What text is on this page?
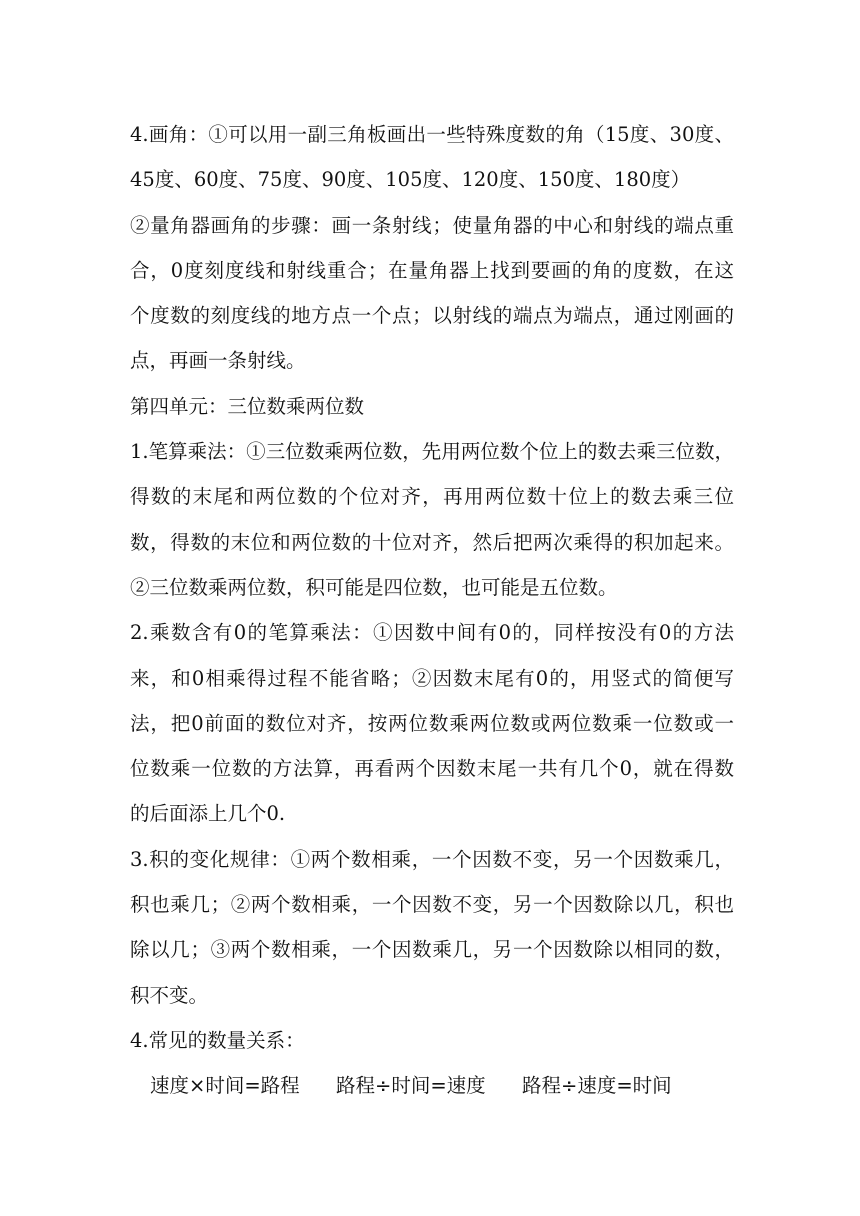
4.画角：①可以用一副三角板画出一些特殊度数的角（15度、30度、
45度、60度、75度、90度、105度、120度、150度、180度）
②量角器画角的步骤：画一条射线；使量角器的中心和射线的端点重
合，0度刻度线和射线重合；在量角器上找到要画的角的度数，在这
个度数的刻度线的地方点一个点；以射线的端点为端点，通过刚画的
点，再画一条射线。
第四单元：三位数乘两位数
1.笔算乘法：①三位数乘两位数，先用两位数个位上的数去乘三位数，
得数的末尾和两位数的个位对齐，再用两位数十位上的数去乘三位
数，得数的末位和两位数的十位对齐，然后把两次乘得的积加起来。
②三位数乘两位数，积可能是四位数，也可能是五位数。
2.乘数含有0的笔算乘法：①因数中间有0的，同样按没有0的方法
来，和0相乘得过程不能省略；②因数末尾有0的，用竖式的简便写
法，把0前面的数位对齐，按两位数乘两位数或两位数乘一位数或一
位数乘一位数的方法算，再看两个因数末尾一共有几个0，就在得数
的后面添上几个0.
3.积的变化规律：①两个数相乘，一个因数不变，另一个因数乘几，
积也乘几；②两个数相乘，一个因数不变，另一个因数除以几，积也
除以几；③两个数相乘，一个因数乘几，另一个因数除以相同的数，
积不变。
4.常见的数量关系：
速度×时间=路程 路程÷时间=速度 路程÷速度=时间
